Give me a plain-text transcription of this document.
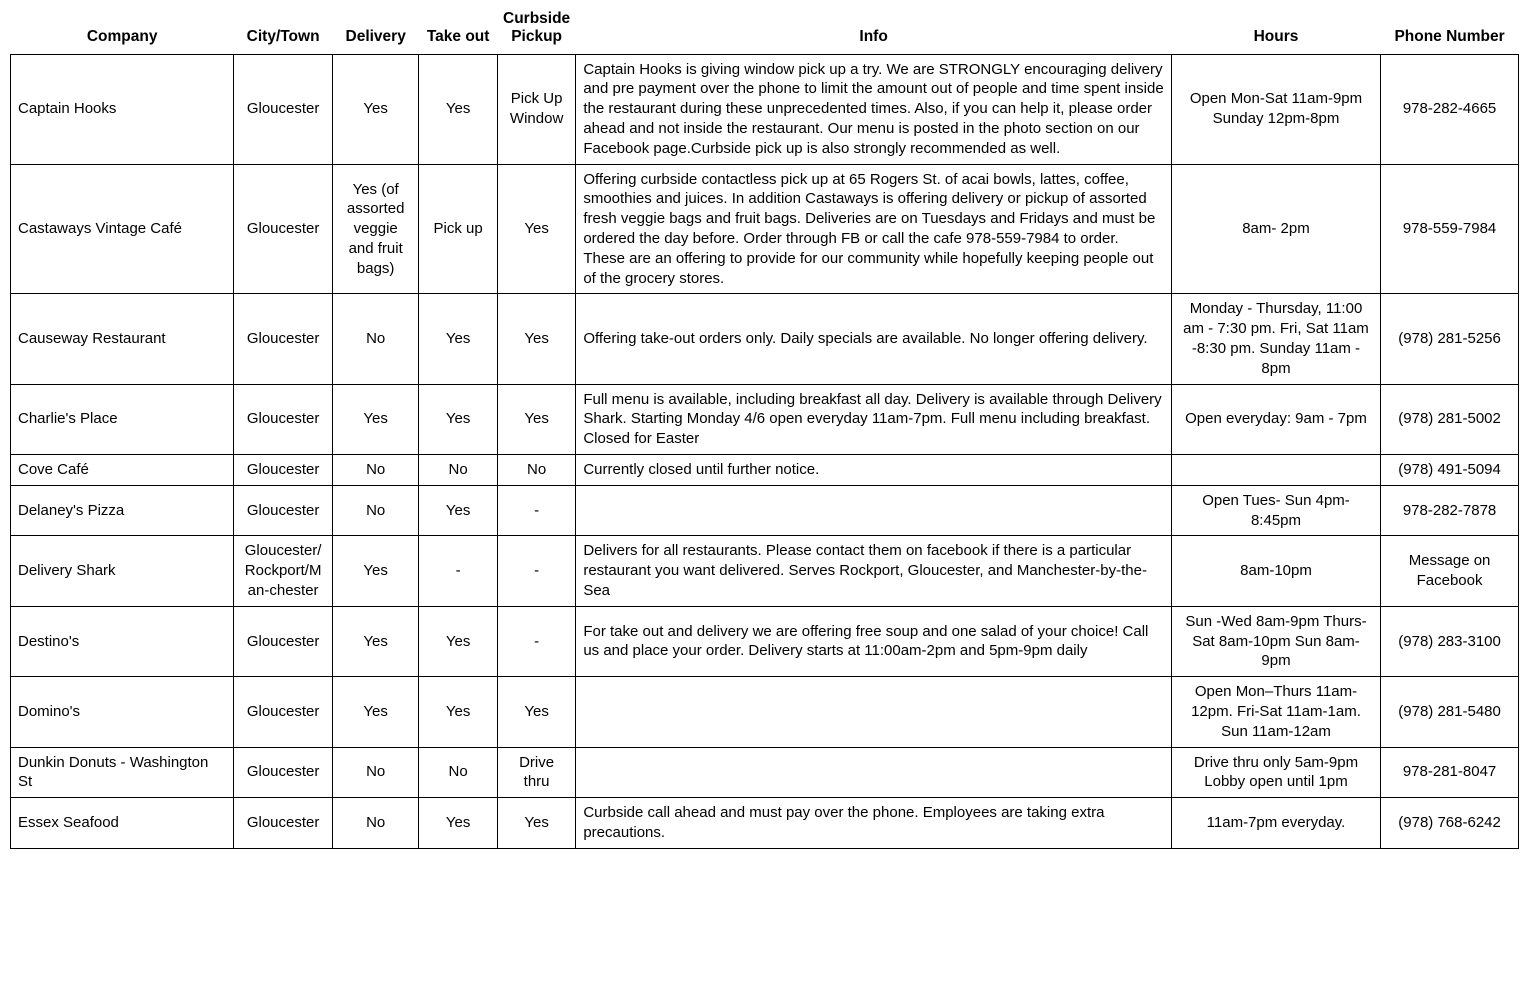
Company	City/Town	Delivery	Take out	Curbside Pickup	Info	Hours	Phone Number
Captain Hooks	Gloucester	Yes	Yes	Pick Up Window	Captain Hooks is giving window pick up a try. We are STRONGLY encouraging delivery and pre payment over the phone to limit the amount out of people and time spent inside the restaurant during these unprecedented times. Also, if you can help it, please order ahead and not inside the restaurant. Our menu is posted in the photo section on our Facebook page.Curbside pick up is also strongly recommended as well.	Open Mon-Sat 11am-9pm Sunday 12pm-8pm	978-282-4665
Castaways Vintage Café	Gloucester	Yes (of assorted veggie and fruit bags)	Pick up	Yes	Offering curbside contactless pick up at 65 Rogers St. of acai bowls, lattes, coffee, smoothies and juices. In addition Castaways is offering delivery or pickup of assorted fresh veggie bags and fruit bags. Deliveries are on Tuesdays and Fridays and must be ordered the day before. Order through FB or call the cafe 978-559-7984 to order. These are an offering to provide for our community while hopefully keeping people out of the grocery stores.	8am- 2pm	978-559-7984
Causeway Restaurant	Gloucester	No	Yes	Yes	Offering take-out orders only. Daily specials are available. No longer offering delivery.	Monday - Thursday, 11:00 am - 7:30 pm. Fri, Sat 11am -8:30 pm. Sunday 11am - 8pm	(978) 281-5256
Charlie's Place	Gloucester	Yes	Yes	Yes	Full menu is available, including breakfast all day. Delivery is available through Delivery Shark. Starting Monday 4/6 open everyday 11am-7pm. Full menu including breakfast. Closed for Easter	Open everyday: 9am - 7pm	(978) 281-5002
Cove Café	Gloucester	No	No	No	Currently closed until further notice.		(978) 491-5094
Delaney's Pizza	Gloucester	No	Yes	-		Open Tues- Sun 4pm-8:45pm	978-282-7878
Delivery Shark	Gloucester/Rockport/Man-chester	Yes	-	-	Delivers for all restaurants. Please contact them on facebook if there is a particular restaurant you want delivered. Serves Rockport, Gloucester, and Manchester-by-the-Sea	8am-10pm	Message on Facebook
Destino's	Gloucester	Yes	Yes	-	For take out and delivery we are offering free soup and one salad of your choice! Call us and place your order. Delivery starts at 11:00am-2pm and 5pm-9pm daily	Sun -Wed 8am-9pm Thurs- Sat 8am-10pm Sun 8am-9pm	(978) 283-3100
Domino's	Gloucester	Yes	Yes	Yes		Open Mon–Thurs 11am-12pm. Fri-Sat 11am-1am. Sun 11am-12am	(978) 281-5480
Dunkin Donuts - Washington St	Gloucester	No	No	Drive thru		Drive thru only 5am-9pm Lobby open until 1pm	978-281-8047
Essex Seafood	Gloucester	No	Yes	Yes	Curbside call ahead and must pay over the phone. Employees are taking extra precautions.	11am-7pm everyday.	(978) 768-6242
